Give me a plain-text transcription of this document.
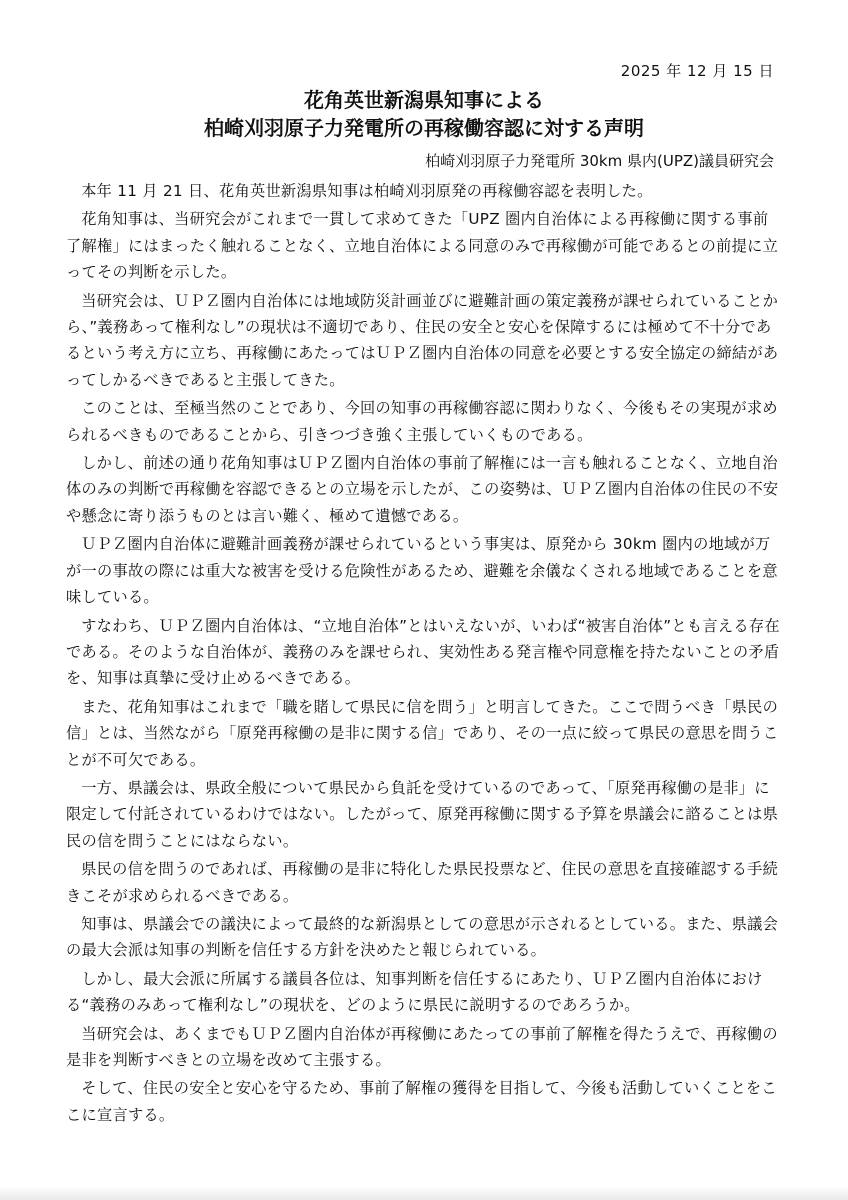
2025 年 12 月 15 日
花角英世新潟県知事による
柏崎刈羽原子力発電所の再稼働容認に対する声明
柏崎刈羽原子力発電所 30km 県内(UPZ)議員研究会

本年 11 月 21 日、花角英世新潟県知事は柏崎刈羽原発の再稼働容認を表明した。

花角知事は、当研究会がこれまで一貫して求めてきた「UPZ 圏内自治体による再稼働に関する事前了解権」にはまったく触れることなく、立地自治体による同意のみで再稼働が可能であるとの前提に立ってその判断を示した。

当研究会は、ＵＰＺ圏内自治体には地域防災計画並びに避難計画の策定義務が課せられていることから、”義務あって権利なし”の現状は不適切であり、住民の安全と安心を保障するには極めて不十分であるという考え方に立ち、再稼働にあたってはＵＰＺ圏内自治体の同意を必要とする安全協定の締結があってしかるべきであると主張してきた。

このことは、至極当然のことであり、今回の知事の再稼働容認に関わりなく、今後もその実現が求められるべきものであることから、引きつづき強く主張していくものである。

しかし、前述の通り花角知事はＵＰＺ圏内自治体の事前了解権には一言も触れることなく、立地自治体のみの判断で再稼働を容認できるとの立場を示したが、この姿勢は、ＵＰＺ圏内自治体の住民の不安や懸念に寄り添うものとは言い難く、極めて遺憾である。

ＵＰＺ圏内自治体に避難計画義務が課せられているという事実は、原発から 30km 圏内の地域が万が一の事故の際には重大な被害を受ける危険性があるため、避難を余儀なくされる地域であることを意味している。

すなわち、ＵＰＺ圏内自治体は、“立地自治体”とはいえないが、いわば“被害自治体”とも言える存在である。そのような自治体が、義務のみを課せられ、実効性ある発言権や同意権を持たないことの矛盾を、知事は真摯に受け止めるべきである。

また、花角知事はこれまで「職を賭して県民に信を問う」と明言してきた。ここで問うべき「県民の信」とは、当然ながら「原発再稼働の是非に関する信」であり、その一点に絞って県民の意思を問うことが不可欠である。

一方、県議会は、県政全般について県民から負託を受けているのであって、「原発再稼働の是非」に限定して付託されているわけではない。したがって、原発再稼働に関する予算を県議会に諮ることは県民の信を問うことにはならない。

県民の信を問うのであれば、再稼働の是非に特化した県民投票など、住民の意思を直接確認する手続きこそが求められるべきである。

知事は、県議会での議決によって最終的な新潟県としての意思が示されるとしている。また、県議会の最大会派は知事の判断を信任する方針を決めたと報じられている。

しかし、最大会派に所属する議員各位は、知事判断を信任するにあたり、ＵＰＺ圏内自治体における“義務のみあって権利なし”の現状を、どのように県民に説明するのであろうか。

当研究会は、あくまでもＵＰＺ圏内自治体が再稼働にあたっての事前了解権を得たうえで、再稼働の是非を判断すべきとの立場を改めて主張する。

そして、住民の安全と安心を守るため、事前了解権の獲得を目指して、今後も活動していくことをここに宣言する。
